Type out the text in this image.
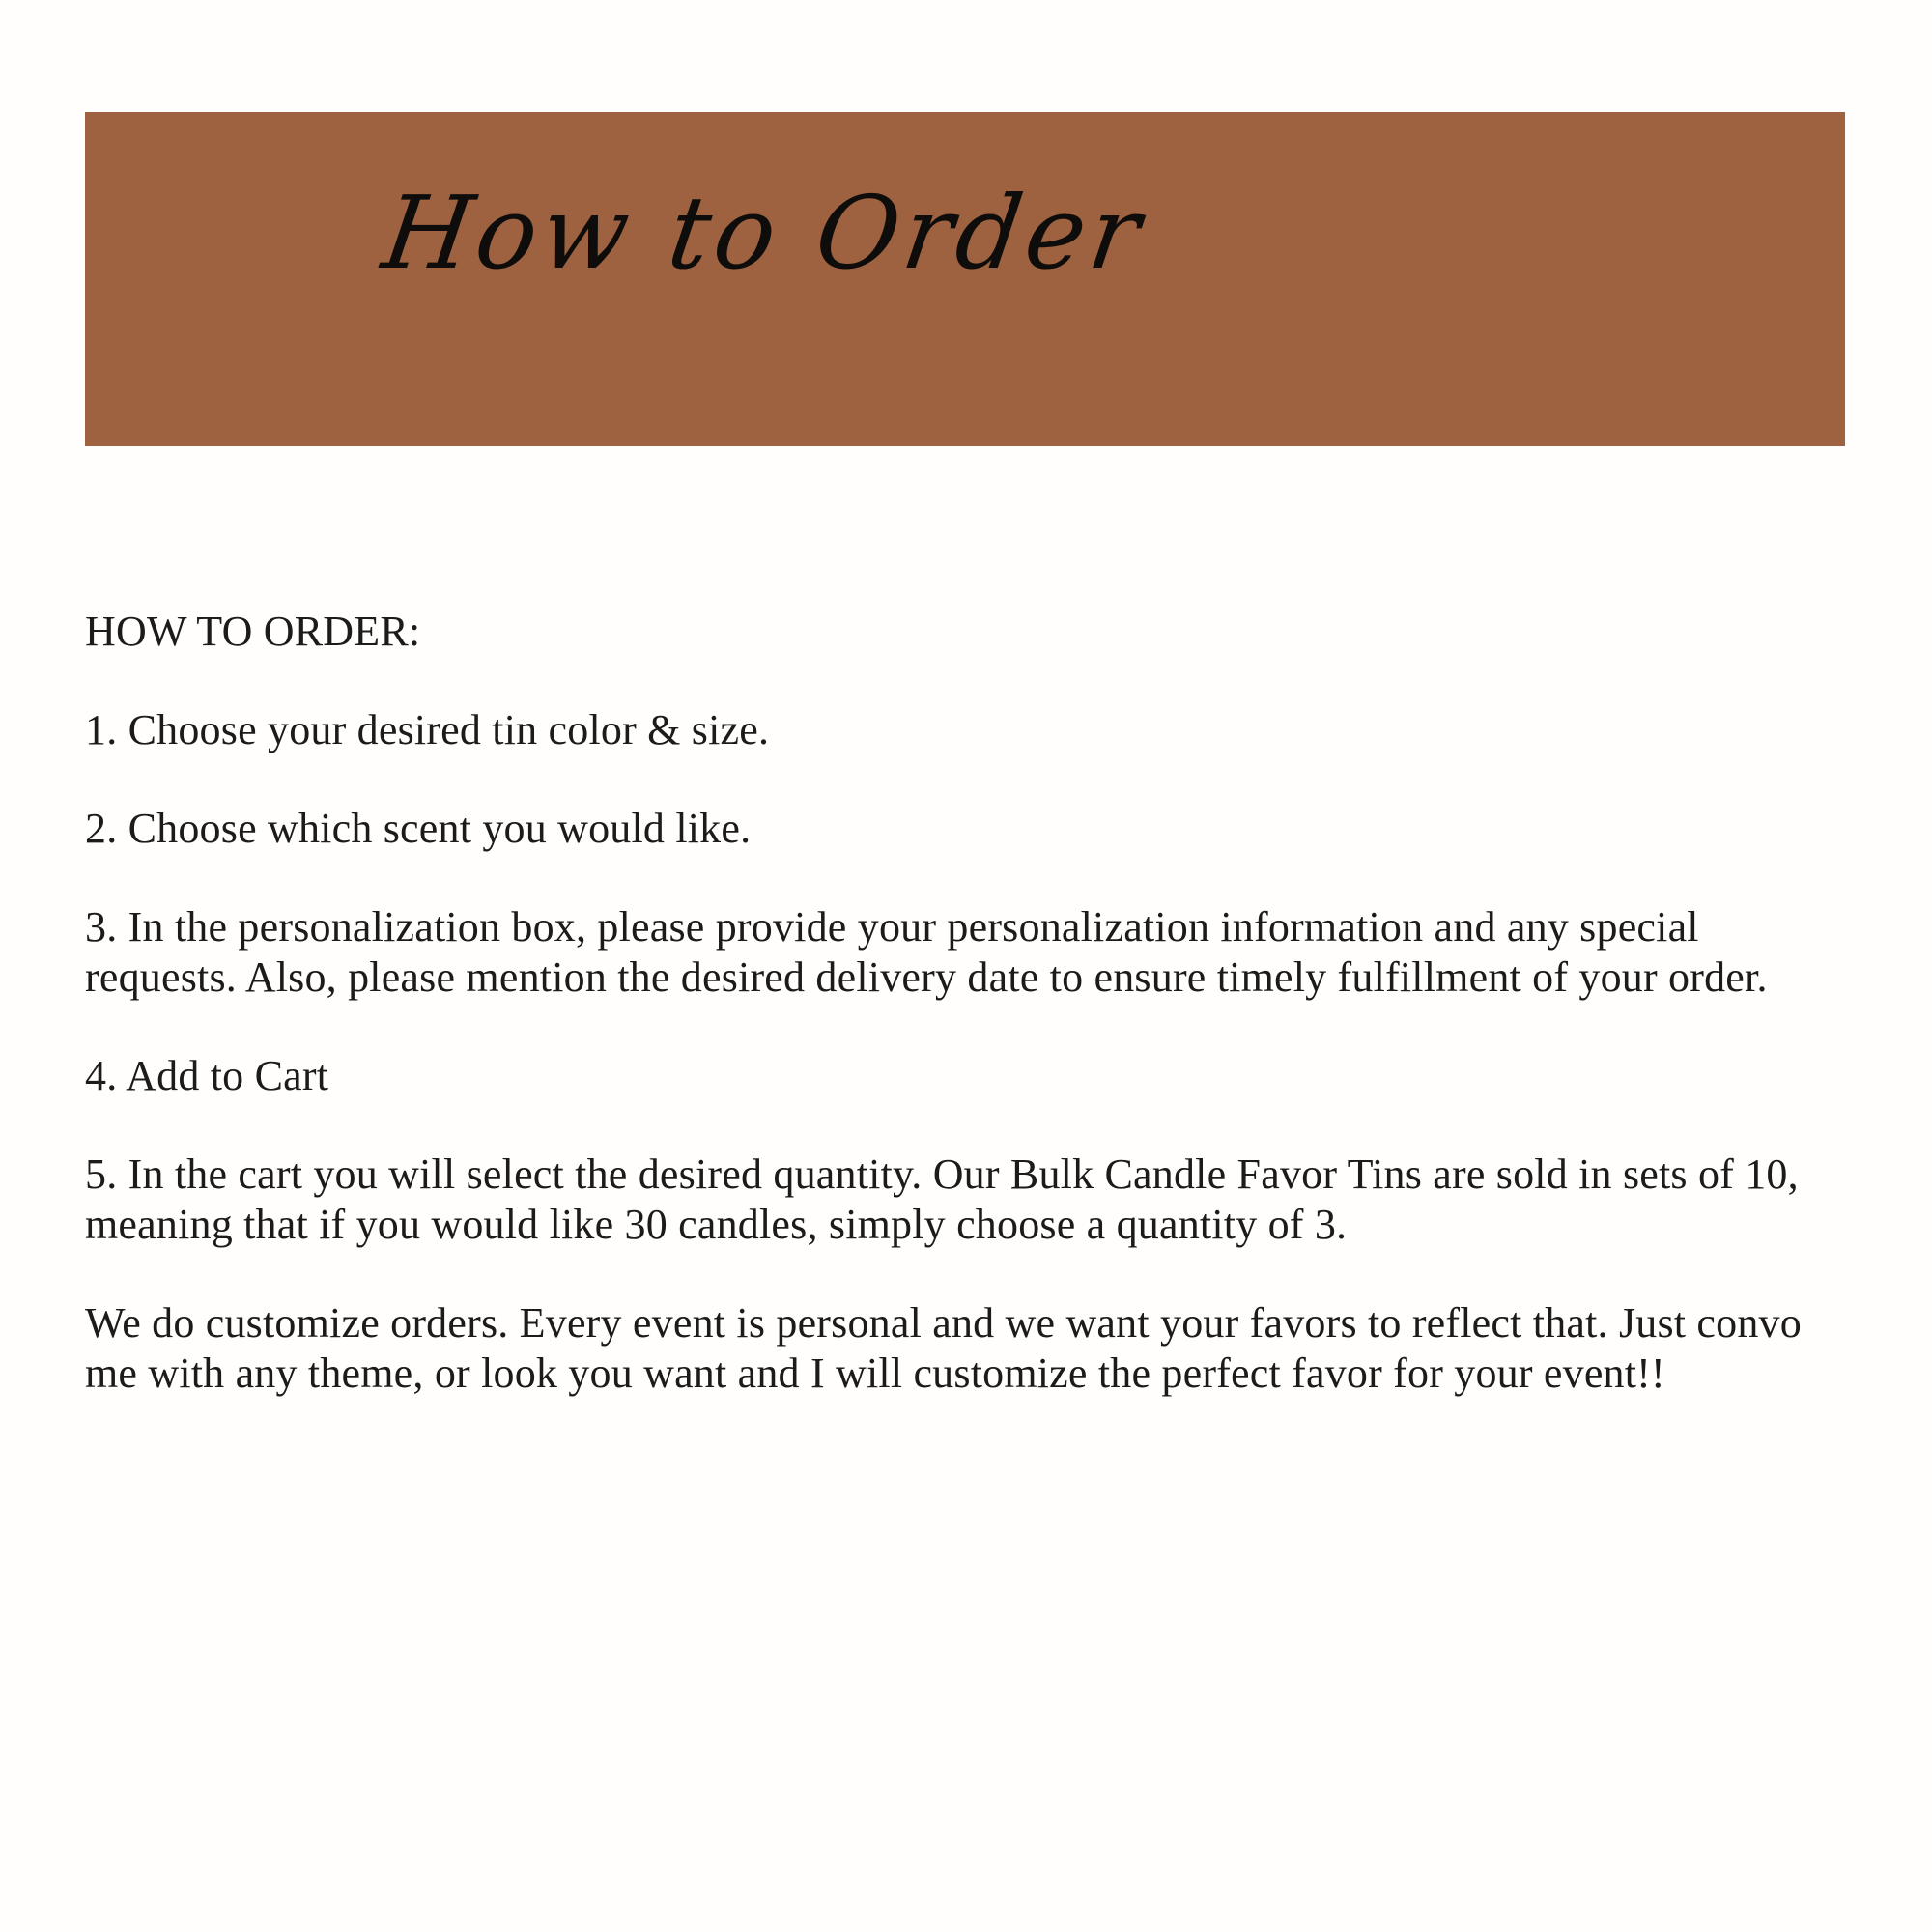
How to Order

HOW TO ORDER:

1. Choose your desired tin color & size.

2. Choose which scent you would like.

3. In the personalization box, please provide your personalization information and any special requests. Also, please mention the desired delivery date to ensure timely fulfillment of your order.

4. Add to Cart

5. In the cart you will select the desired quantity. Our Bulk Candle Favor Tins are sold in sets of 10, meaning that if you would like 30 candles, simply choose a quantity of 3.

We do customize orders. Every event is personal and we want your favors to reflect that. Just convo me with any theme, or look you want and I will customize the perfect favor for your event!!
